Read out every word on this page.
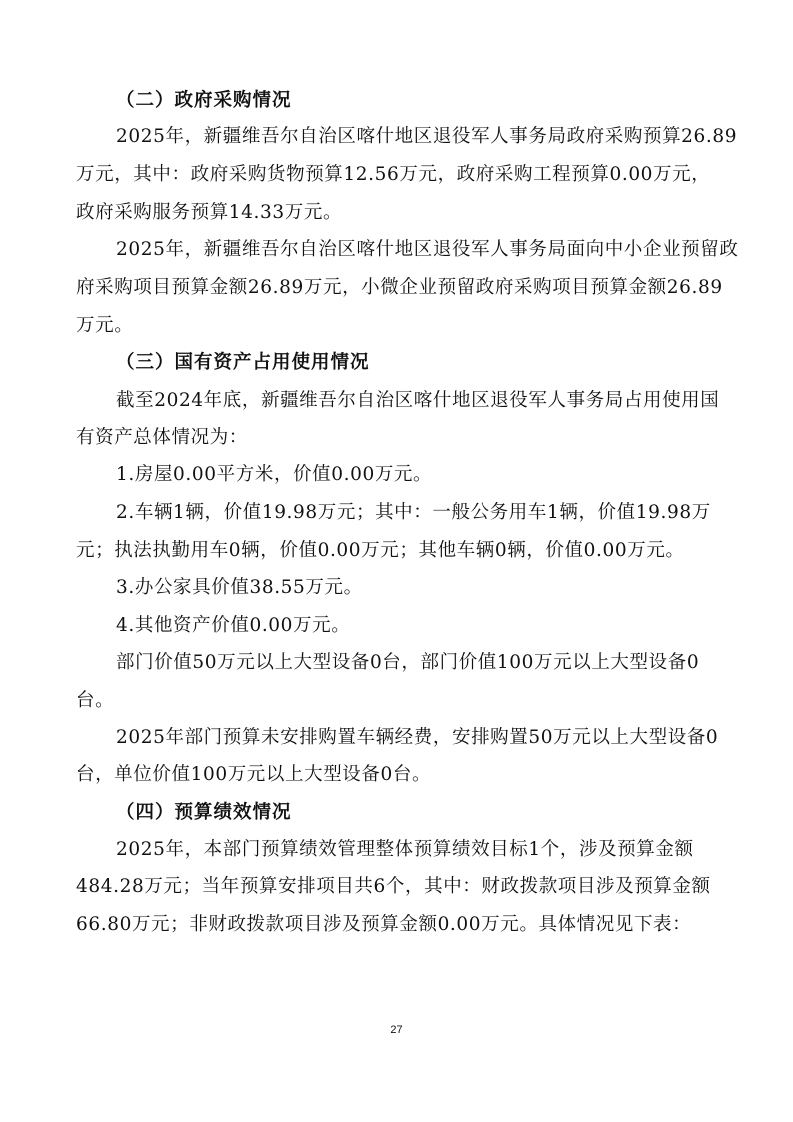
（二）政府采购情况
2025年，新疆维吾尔自治区喀什地区退役军人事务局政府采购预算26.89
万元，其中：政府采购货物预算12.56万元，政府采购工程预算0.00万元，
政府采购服务预算14.33万元。
2025年，新疆维吾尔自治区喀什地区退役军人事务局面向中小企业预留政
府采购项目预算金额26.89万元，小微企业预留政府采购项目预算金额26.89
万元。
（三）国有资产占用使用情况
截至2024年底，新疆维吾尔自治区喀什地区退役军人事务局占用使用国
有资产总体情况为：
1.房屋0.00平方米，价值0.00万元。
2.车辆1辆，价值19.98万元；其中：一般公务用车1辆，价值19.98万
元；执法执勤用车0辆，价值0.00万元；其他车辆0辆，价值0.00万元。
3.办公家具价值38.55万元。
4.其他资产价值0.00万元。
部门价值50万元以上大型设备0台，部门价值100万元以上大型设备0
台。
2025年部门预算未安排购置车辆经费，安排购置50万元以上大型设备0
台，单位价值100万元以上大型设备0台。
（四）预算绩效情况
2025年，本部门预算绩效管理整体预算绩效目标1个，涉及预算金额
484.28万元；当年预算安排项目共6个，其中：财政拨款项目涉及预算金额
66.80万元；非财政拨款项目涉及预算金额0.00万元。具体情况见下表：
27
